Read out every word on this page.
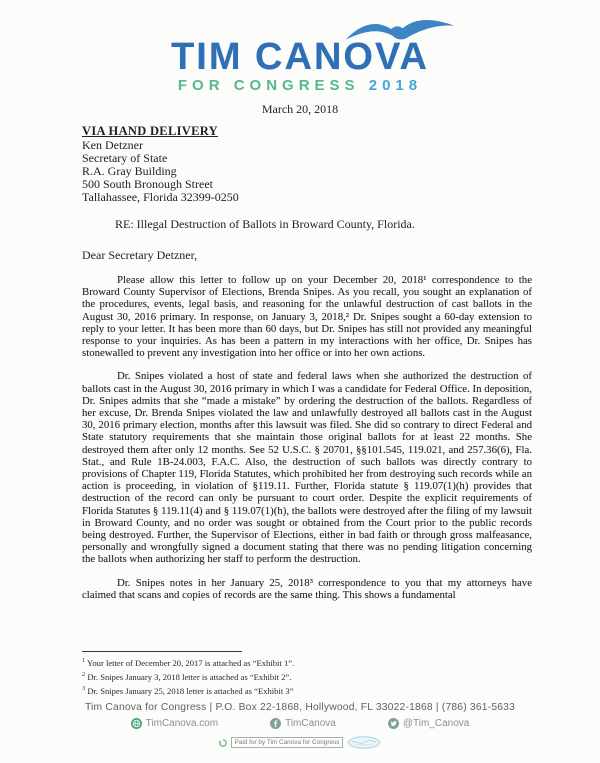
TIM CANOVA
FOR CONGRESS 2018
March 20, 2018
VIA HAND DELIVERY
Ken Detzner
Secretary of State
R.A. Gray Building
500 South Bronough Street
Tallahassee, Florida 32399-0250
RE: Illegal Destruction of Ballots in Broward County, Florida.
Dear Secretary Detzner,

Please allow this letter to follow up on your December 20, 2018¹ correspondence to the Broward County Supervisor of Elections, Brenda Snipes. As you recall, you sought an explanation of the procedures, events, legal basis, and reasoning for the unlawful destruction of cast ballots in the August 30, 2016 primary. In response, on January 3, 2018,² Dr. Snipes sought a 60-day extension to reply to your letter. It has been more than 60 days, but Dr. Snipes has still not provided any meaningful response to your inquiries. As has been a pattern in my interactions with her office, Dr. Snipes has stonewalled to prevent any investigation into her office or into her own actions.

Dr. Snipes violated a host of state and federal laws when she authorized the destruction of ballots cast in the August 30, 2016 primary in which I was a candidate for Federal Office. In deposition, Dr. Snipes admits that she “made a mistake” by ordering the destruction of the ballots. Regardless of her excuse, Dr. Brenda Snipes violated the law and unlawfully destroyed all ballots cast in the August 30, 2016 primary election, months after this lawsuit was filed. She did so contrary to direct Federal and State statutory requirements that she maintain those original ballots for at least 22 months. She destroyed them after only 12 months. See 52 U.S.C. § 20701, §§101.545, 119.021, and 257.36(6), Fla. Stat., and Rule 1B-24.003, F.A.C. Also, the destruction of such ballots was directly contrary to provisions of Chapter 119, Florida Statutes, which prohibited her from destroying such records while an action is proceeding, in violation of §119.11. Further, Florida statute § 119.07(1)(h) provides that destruction of the record can only be pursuant to court order. Despite the explicit requirements of Florida Statutes § 119.11(4) and § 119.07(1)(h), the ballots were destroyed after the filing of my lawsuit in Broward County, and no order was sought or obtained from the Court prior to the public records being destroyed. Further, the Supervisor of Elections, either in bad faith or through gross malfeasance, personally and wrongfully signed a document stating that there was no pending litigation concerning the ballots when authorizing her staff to perform the destruction.

Dr. Snipes notes in her January 25, 2018³ correspondence to you that my attorneys have claimed that scans and copies of records are the same thing. This shows a fundamental

$^1$ Your letter of December 20, 2017 is attached as “Exhibit 1”.
$^2$ Dr. Snipes January 3, 2018 letter is attached as “Exhibit 2”.
$^3$ Dr. Snipes January 25, 2018 letter is attached as “Exhibit 3”
Tim Canova for Congress | P.O. Box 22-1868, Hollywood, FL 33022-1868 | (786) 361-5633
TimCanova.com	TimCanova	@Tim_Canova
Paid for by Tim Canova for Congress
